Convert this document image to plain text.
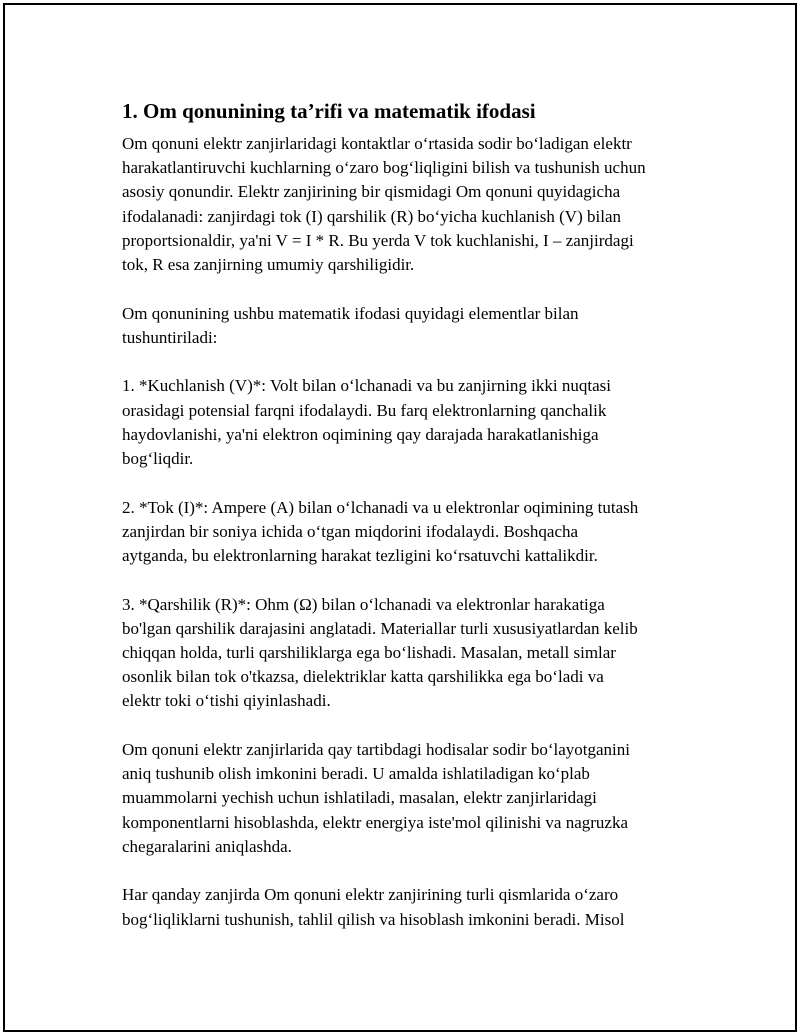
1. Om qonunining ta’rifi va matematik ifodasi

Om qonuni elektr zanjirlaridagi kontaktlar o‘rtasida sodir bo‘ladigan elektr
harakatlantiruvchi kuchlarning o‘zaro bog‘liqligini bilish va tushunish uchun
asosiy qonundir. Elektr zanjirining bir qismidagi Om qonuni quyidagicha
ifodalanadi: zanjirdagi tok (I) qarshilik (R) bo‘yicha kuchlanish (V) bilan
proportsionaldir, ya'ni V = I * R. Bu yerda V tok kuchlanishi, I – zanjirdagi
tok, R esa zanjirning umumiy qarshiligidir.

Om qonunining ushbu matematik ifodasi quyidagi elementlar bilan
tushuntiriladi:

1. *Kuchlanish (V)*: Volt bilan o‘lchanadi va bu zanjirning ikki nuqtasi
orasidagi potensial farqni ifodalaydi. Bu farq elektronlarning qanchalik
haydovlanishi, ya'ni elektron oqimining qay darajada harakatlanishiga
bog‘liqdir.

2. *Tok (I)*: Ampere (A) bilan o‘lchanadi va u elektronlar oqimining tutash
zanjirdan bir soniya ichida o‘tgan miqdorini ifodalaydi. Boshqacha
aytganda, bu elektronlarning harakat tezligini ko‘rsatuvchi kattalikdir.

3. *Qarshilik (R)*: Ohm (Ω) bilan o‘lchanadi va elektronlar harakatiga
bo'lgan qarshilik darajasini anglatadi. Materiallar turli xususiyatlardan kelib
chiqqan holda, turli qarshiliklarga ega bo‘lishadi. Masalan, metall simlar
osonlik bilan tok o'tkazsa, dielektriklar katta qarshilikka ega bo‘ladi va
elektr toki o‘tishi qiyinlashadi.

Om qonuni elektr zanjirlarida qay tartibdagi hodisalar sodir bo‘layotganini
aniq tushunib olish imkonini beradi. U amalda ishlatiladigan ko‘plab
muammolarni yechish uchun ishlatiladi, masalan, elektr zanjirlaridagi
komponentlarni hisoblashda, elektr energiya iste'mol qilinishi va nagruzka
chegaralarini aniqlashda.

Har qanday zanjirda Om qonuni elektr zanjirining turli qismlarida o‘zaro
bog‘liqliklarni tushunish, tahlil qilish va hisoblash imkonini beradi. Misol
